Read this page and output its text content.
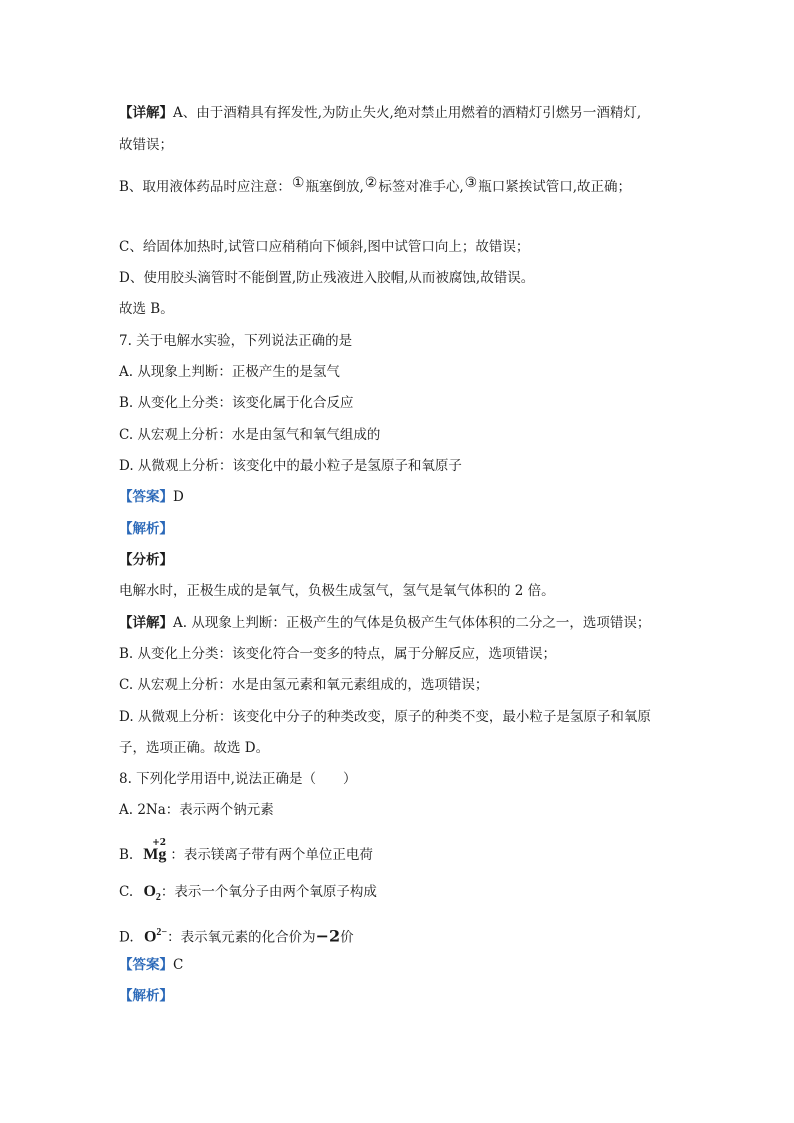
【详解】A、由于酒精具有挥发性,为防止失火,绝对禁止用燃着的酒精灯引燃另一酒精灯,
故错误；
B、取用液体药品时应注意：①瓶塞倒放,②标签对准手心,③瓶口紧挨试管口,故正确；
C、给固体加热时,试管口应稍稍向下倾斜,图中试管口向上；故错误；
D、使用胶头滴管时不能倒置,防止残液进入胶帽,从而被腐蚀,故错误。
故选 B。
7. 关于电解水实验，下列说法正确的是
A. 从现象上判断：正极产生的是氢气
B. 从变化上分类：该变化属于化合反应
C. 从宏观上分析：水是由氢气和氧气组成的
D. 从微观上分析：该变化中的最小粒子是氢原子和氧原子
【答案】D
【解析】
【分析】
电解水时，正极生成的是氧气，负极生成氢气，氢气是氧气体积的 2 倍。
【详解】A. 从现象上判断：正极产生的气体是负极产生气体体积的二分之一，选项错误；
B. 从变化上分类：该变化符合一变多的特点，属于分解反应，选项错误；
C. 从宏观上分析：水是由氢元素和氧元素组成的，选项错误；
D. 从微观上分析：该变化中分子的种类改变，原子的种类不变，最小粒子是氢原子和氧原
子，选项正确。故选 D。
8. 下列化学用语中,说法正确是（　　）
A. 2Na：表示两个钠元素
B.
+2
Mg ：表示镁离子带有两个单位正电荷
C. $O_2$：表示一个氧分子由两个氧原子构成
D. $O^{2-}$：表示氧元素的化合价为−2价
【答案】C
【解析】
